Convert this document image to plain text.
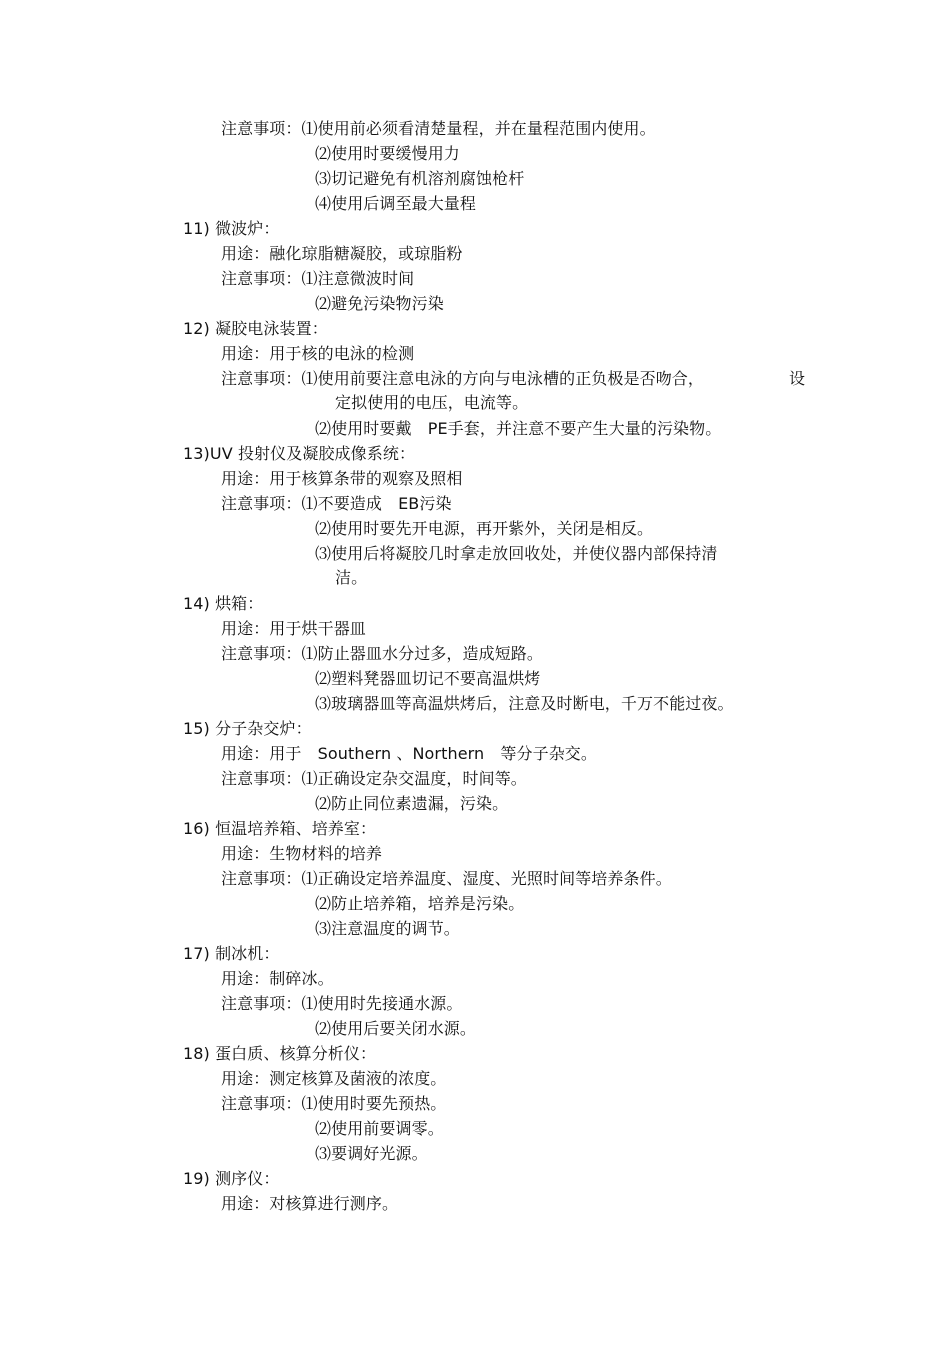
注意事项：⑴使用前必须看清楚量程，并在量程范围内使用。
⑵使用时要缓慢用力
⑶切记避免有机溶剂腐蚀枪杆
⑷使用后调至最大量程
11) 微波炉：
用途：融化琼脂糖凝胶，或琼脂粉
注意事项：⑴注意微波时间
⑵避免污染物污染
12) 凝胶电泳装置：
用途：用于核的电泳的检测
注意事项：⑴使用前要注意电泳的方向与电泳槽的正负极是否吻合，	设
定拟使用的电压，电流等。
⑵使用时要戴　PE手套，并注意不要产生大量的污染物。
13)UV 投射仪及凝胶成像系统：
用途：用于核算条带的观察及照相
注意事项：⑴不要造成　EB污染
⑵使用时要先开电源，再开紫外，关闭是相反。
⑶使用后将凝胶几时拿走放回收处，并使仪器内部保持清
洁。
14) 烘箱：
用途：用于烘干器皿
注意事项：⑴防止器皿水分过多，造成短路。
⑵塑料凳器皿切记不要高温烘烤
⑶玻璃器皿等高温烘烤后，注意及时断电，千万不能过夜。
15) 分子杂交炉：
用途：用于　Southern 、Northern　等分子杂交。
注意事项：⑴正确设定杂交温度，时间等。
⑵防止同位素遗漏，污染。
16) 恒温培养箱、培养室：
用途：生物材料的培养
注意事项：⑴正确设定培养温度、湿度、光照时间等培养条件。
⑵防止培养箱，培养是污染。
⑶注意温度的调节。
17) 制冰机：
用途：制碎冰。
注意事项：⑴使用时先接通水源。
⑵使用后要关闭水源。
18) 蛋白质、核算分析仪：
用途：测定核算及菌液的浓度。
注意事项：⑴使用时要先预热。
⑵使用前要调零。
⑶要调好光源。
19) 测序仪：
用途：对核算进行测序。
